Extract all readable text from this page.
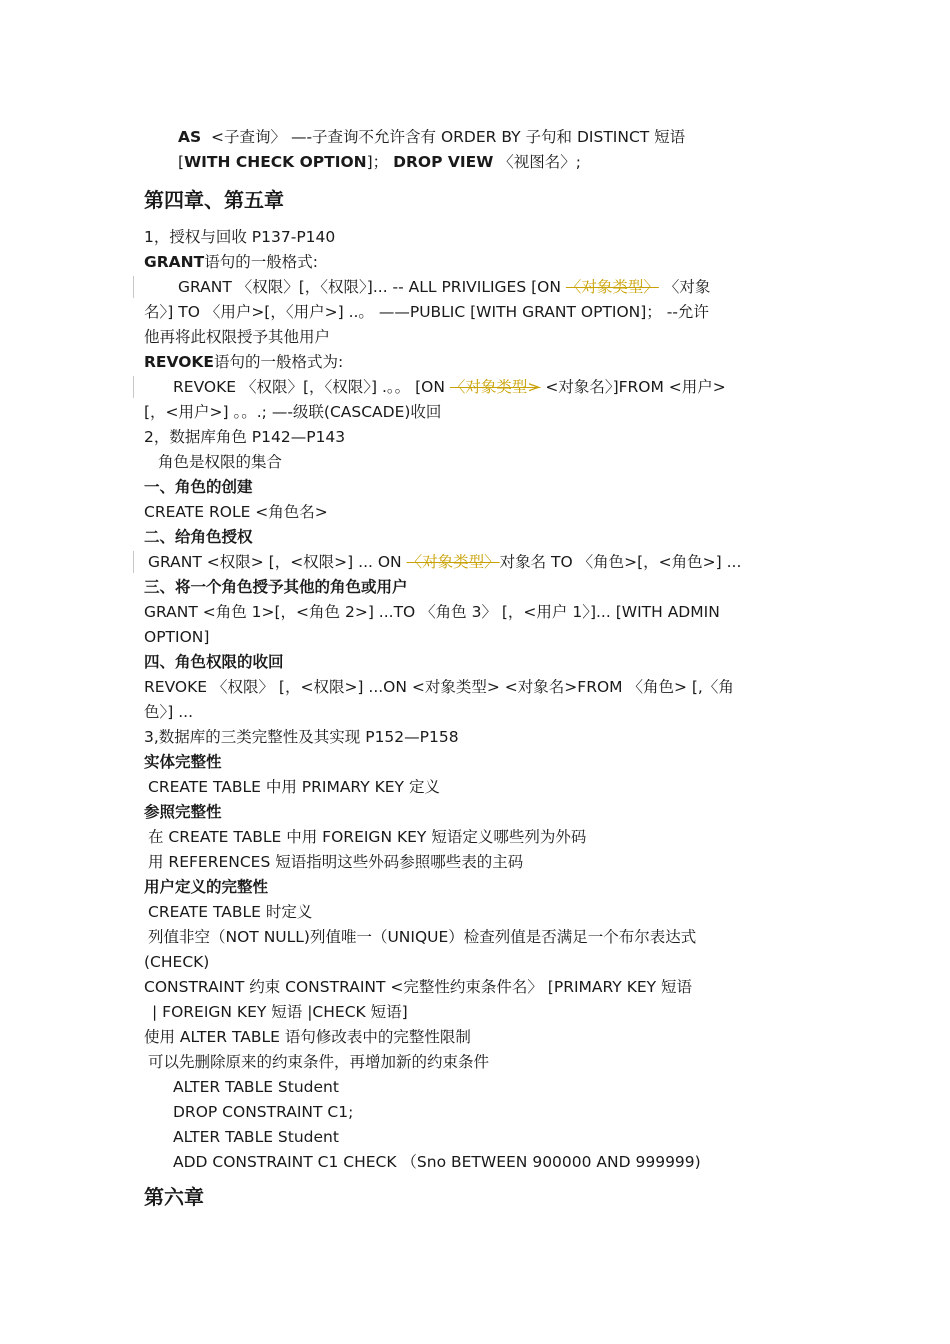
AS <子查询〉 —-子查询不允许含有 ORDER BY 子句和 DISTINCT 短语
[WITH CHECK OPTION]； DROP VIEW 〈视图名〉;
第四章、第五章
1，授权与回收 P137-P140
GRANT语句的一般格式:
GRANT 〈权限〉[，〈权限〉]... -- ALL PRIVILIGES [ON 〈对象类型〉 〈对象
名〉] TO 〈用户>[，〈用户>] ..。 ——PUBLIC [WITH GRANT OPTION]； --允许
他再将此权限授予其他用户
REVOKE语句的一般格式为:
REVOKE 〈权限〉[，〈权限〉] .。。 [ON 〈对象类型> <对象名〉]FROM <用户>
[，<用户>] 。。.; —-级联(CASCADE)收回
2，数据库角色 P142—P143
角色是权限的集合
一、角色的创建
CREATE ROLE <角色名>
二、给角色授权
GRANT <权限> [，<权限>] ... ON 〈对象类型〉对象名 TO 〈角色>[，<角色>] ...
三、将一个角色授予其他的角色或用户
GRANT <角色 1>[，<角色 2>] ...TO 〈角色 3〉 [，<用户 1〉]... [WITH ADMIN
OPTION]
四、角色权限的收回
REVOKE 〈权限〉 [，<权限>] ...ON <对象类型> <对象名>FROM 〈角色> [,〈角
色〉] ...
3,数据库的三类完整性及其实现 P152—P158
实体完整性
CREATE TABLE 中用 PRIMARY KEY 定义
参照完整性
在 CREATE TABLE 中用 FOREIGN KEY 短语定义哪些列为外码
用 REFERENCES 短语指明这些外码参照哪些表的主码
用户定义的完整性
CREATE TABLE 时定义
列值非空（NOT NULL)列值唯一（UNIQUE）检查列值是否满足一个布尔表达式
(CHECK)
CONSTRAINT 约束 CONSTRAINT <完整性约束条件名〉 [PRIMARY KEY 短语
| FOREIGN KEY 短语 |CHECK 短语]
使用 ALTER TABLE 语句修改表中的完整性限制
可以先删除原来的约束条件，再增加新的约束条件
ALTER TABLE Student
DROP CONSTRAINT C1;
ALTER TABLE Student
ADD CONSTRAINT C1 CHECK （Sno BETWEEN 900000 AND 999999)
第六章
